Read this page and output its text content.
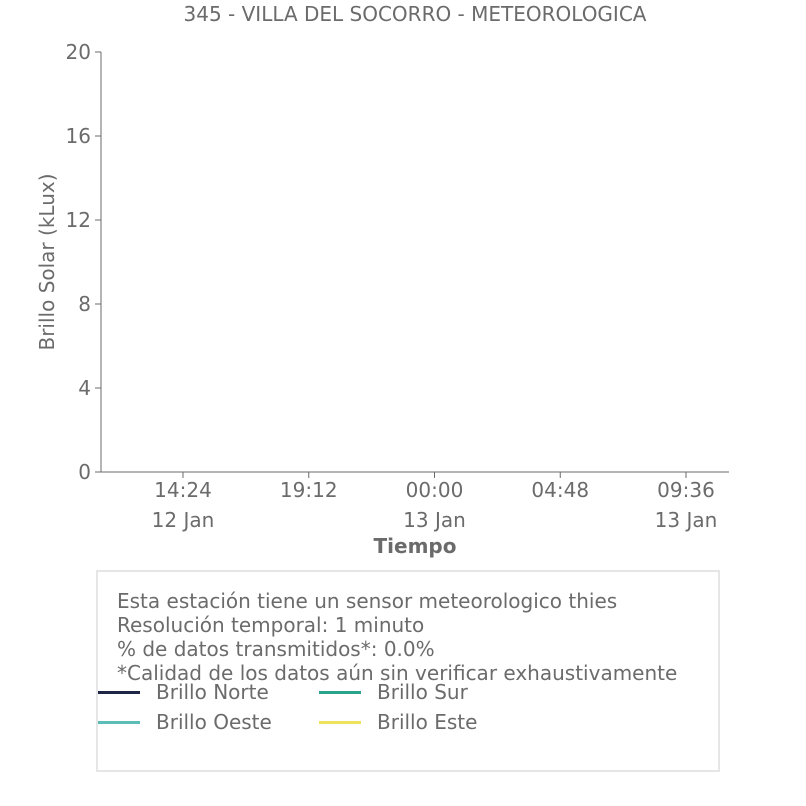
345 - VILLA DEL SOCORRO - METEOROLOGICA
0
4
8
12
16
20
14:24
12 Jan
19:12	00:00
13 Jan
04:48	09:36
13 Jan
Brillo Solar (kLux)
Tiempo
Esta estación tiene un sensor meteorologico thies
Resolución temporal: 1 minuto
% de datos transmitidos*: 0.0%
*Calidad de los datos aún sin verificar exhaustivamente
Brillo Norte	Brillo Sur
Brillo Oeste	Brillo Este
